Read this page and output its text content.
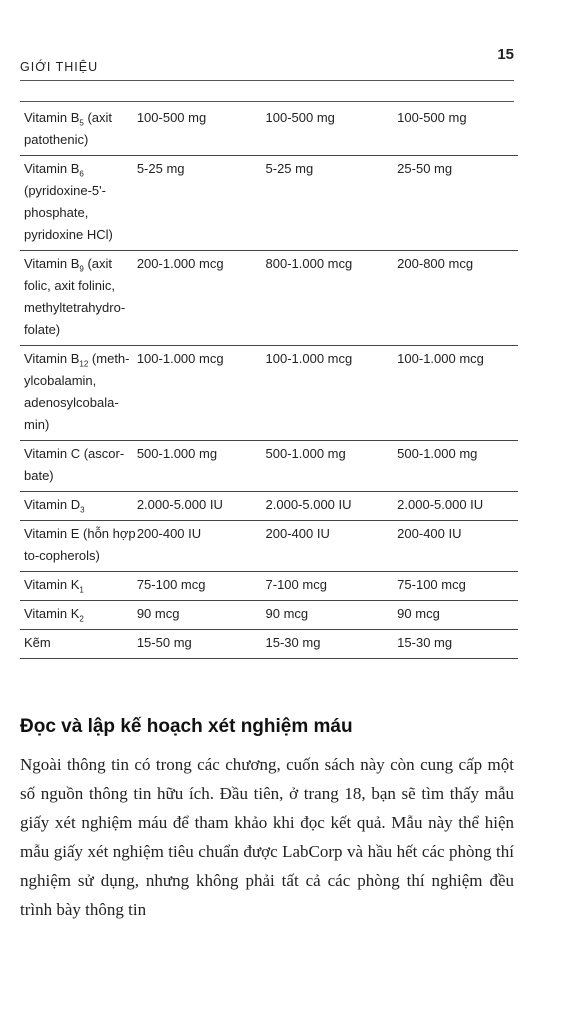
GIỚI THIỆU
15
Vitamin $B_5$ (axit patothenic)	100-500 mg	100-500 mg	100-500 mg
Vitamin $B_6$ (pyridoxine-5'-phosphate, pyridoxine HCl)	5-25 mg	5-25 mg	25-50 mg
Vitamin $B_9$ (axit folic, axit folinic, methyltetrahydro-folate)	200-1.000 mcg	800-1.000 mcg	200-800 mcg
Vitamin $B_{12}$ (meth-ylcobalamin, adenosylcobala-min)	100-1.000 mcg	100-1.000 mcg	100-1.000 mcg
Vitamin C (ascor-bate)	500-1.000 mg	500-1.000 mg	500-1.000 mg
Vitamin $D_3$	2.000-5.000 IU	2.000-5.000 IU	2.000-5.000 IU
Vitamin E (hỗn hợp to-copherols)	200-400 IU	200-400 IU	200-400 IU
Vitamin $K_1$	75-100 mcg	7-100 mcg	75-100 mcg
Vitamin $K_2$	90 mcg	90 mcg	90 mcg
Kẽm	15-50 mg	15-30 mg	15-30 mg
Đọc và lập kế hoạch xét nghiệm máu

Ngoài thông tin có trong các chương, cuốn sách này còn cung cấp một số nguồn thông tin hữu ích. Đầu tiên, ở trang 18, bạn sẽ tìm thấy mẫu giấy xét nghiệm máu để tham khảo khi đọc kết quả. Mẫu này thể hiện mẫu giấy xét nghiệm tiêu chuẩn được LabCorp và hầu hết các phòng thí nghiệm sử dụng, nhưng không phải tất cả các phòng thí nghiệm đều trình bày thông tin
